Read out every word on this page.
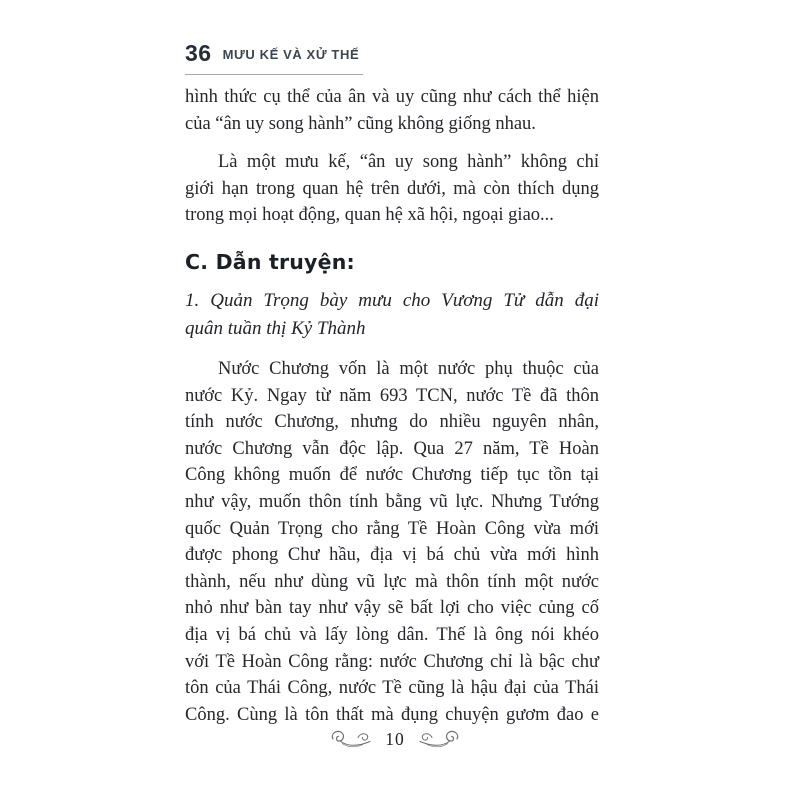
36 MƯU KẾ VÀ XỬ THẾ
hình thức cụ thể của ân và uy cũng như cách thể hiện
của “ân uy song hành” cũng không giống nhau.
Là một mưu kế, “ân uy song hành” không chỉ
giới hạn trong quan hệ trên dưới, mà còn thích dụng
trong mọi hoạt động, quan hệ xã hội, ngoại giao...
C. Dẫn truyện:
1. Quản Trọng bày mưu cho Vương Tử dẫn đại
quân tuần thị Kỷ Thành
Nước Chương vốn là một nước phụ thuộc của
nước Kỷ. Ngay từ năm 693 TCN, nước Tề đã thôn
tính nước Chương, nhưng do nhiều nguyên nhân,
nước Chương vẫn độc lập. Qua 27 năm, Tề Hoàn
Công không muốn để nước Chương tiếp tục tồn tại
như vậy, muốn thôn tính bằng vũ lực. Nhưng Tướng
quốc Quản Trọng cho rằng Tề Hoàn Công vừa mới
được phong Chư hầu, địa vị bá chủ vừa mới hình
thành, nếu như dùng vũ lực mà thôn tính một nước
nhỏ như bàn tay như vậy sẽ bất lợi cho việc củng cố
địa vị bá chủ và lấy lòng dân. Thế là ông nói khéo
với Tề Hoàn Công rằng: nước Chương chỉ là bậc chư
tôn của Thái Công, nước Tề cũng là hậu đại của Thái
Công. Cùng là tôn thất mà đụng chuyện gươm đao e
10
